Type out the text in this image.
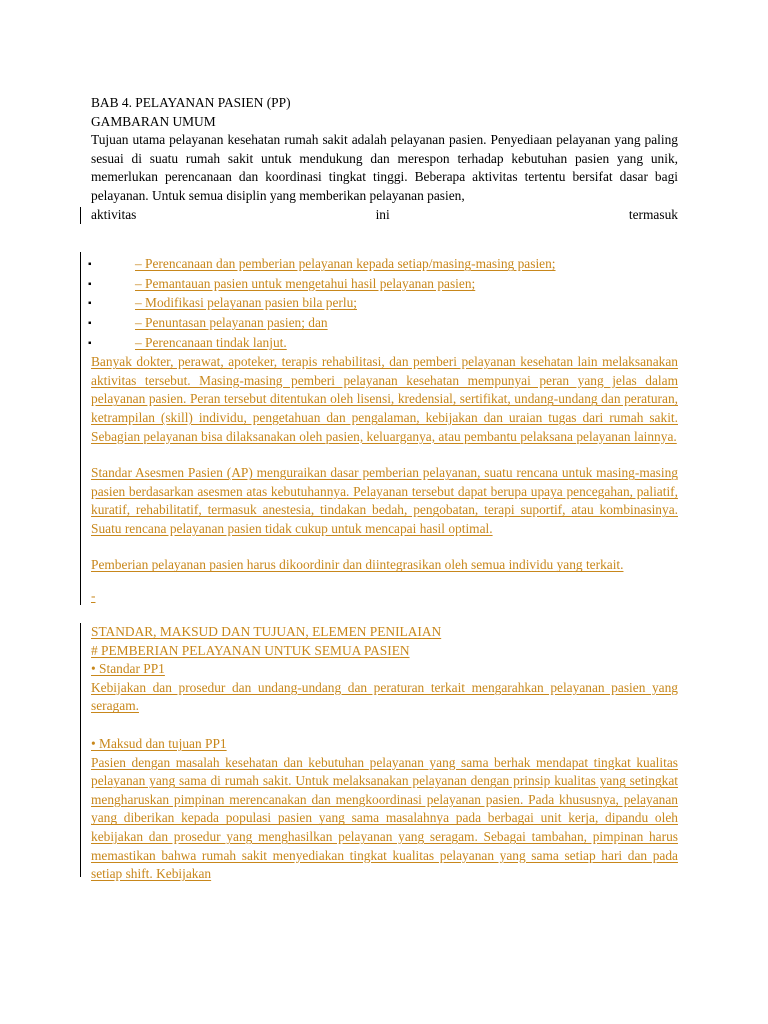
BAB 4. PELAYANAN PASIEN (PP)

GAMBARAN UMUM

Tujuan utama pelayanan kesehatan rumah sakit adalah pelayanan pasien. Penyediaan pelayanan yang paling sesuai di suatu rumah sakit untuk mendukung dan merespon terhadap kebutuhan pasien yang unik, memerlukan perencanaan dan koordinasi tingkat tinggi. Beberapa aktivitas tertentu bersifat dasar bagi pelayanan. Untuk semua disiplin yang memberikan pelayanan pasien,

aktivitas	ini	termasuk
▪	– Perencanaan dan pemberian pelayanan kepada setiap/masing-masing pasien;
▪	– Pemantauan pasien untuk mengetahui hasil pelayanan pasien;
▪	– Modifikasi pelayanan pasien bila perlu;
▪	– Penuntasan pelayanan pasien; dan
▪	– Perencanaan tindak lanjut.

Banyak dokter, perawat, apoteker, terapis rehabilitasi, dan pemberi pelayanan kesehatan lain melaksanakan aktivitas tersebut. Masing-masing pemberi pelayanan kesehatan mempunyai peran yang jelas dalam pelayanan pasien. Peran tersebut ditentukan oleh lisensi, kredensial, sertifikat, undang-undang dan peraturan, ketrampilan (skill) individu, pengetahuan dan pengalaman, kebijakan dan uraian tugas dari rumah sakit. Sebagian pelayanan bisa dilaksanakan oleh pasien, keluarganya, atau pembantu pelaksana pelayanan lainnya.

Standar Asesmen Pasien (AP) menguraikan dasar pemberian pelayanan, suatu rencana untuk masing-masing pasien berdasarkan asesmen atas kebutuhannya. Pelayanan tersebut dapat berupa upaya pencegahan, paliatif, kuratif, rehabilitatif, termasuk anestesia, tindakan bedah, pengobatan, terapi suportif, atau kombinasinya. Suatu rencana pelayanan pasien tidak cukup untuk mencapai hasil optimal.

Pemberian pelayanan pasien harus dikoordinir dan diintegrasikan oleh semua individu yang terkait.

-

STANDAR, MAKSUD DAN TUJUAN, ELEMEN PENILAIAN

# PEMBERIAN PELAYANAN UNTUK SEMUA PASIEN

• Standar PP1

Kebijakan dan prosedur dan undang-undang dan peraturan terkait mengarahkan pelayanan pasien yang seragam.

• Maksud dan tujuan PP1

Pasien dengan masalah kesehatan dan kebutuhan pelayanan yang sama berhak mendapat tingkat kualitas pelayanan yang sama di rumah sakit. Untuk melaksanakan pelayanan dengan prinsip kualitas yang setingkat mengharuskan pimpinan merencanakan dan mengkoordinasi pelayanan pasien. Pada khususnya, pelayanan yang diberikan kepada populasi pasien yang sama masalahnya pada berbagai unit kerja, dipandu oleh kebijakan dan prosedur yang menghasilkan pelayanan yang seragam. Sebagai tambahan, pimpinan harus memastikan bahwa rumah sakit menyediakan tingkat kualitas pelayanan yang sama setiap hari dan pada setiap shift. Kebijakan
